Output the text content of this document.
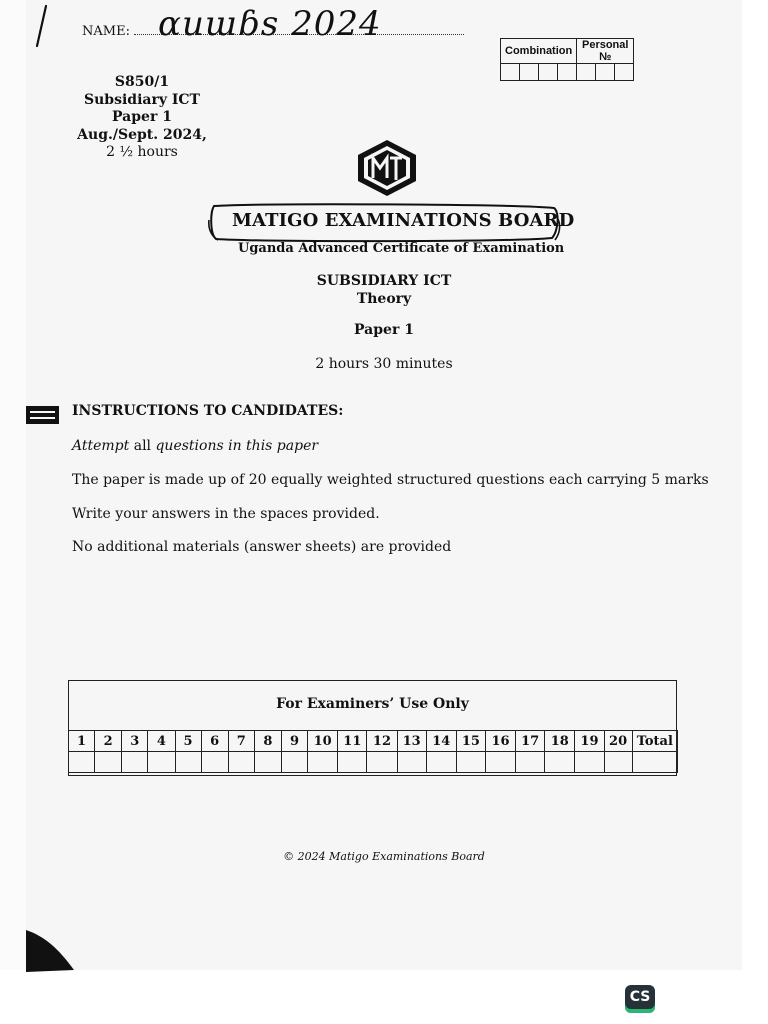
NAME: ɑuɯɓs 2024
Combination				Personal №		

S850/1
Subsidiary ICT
Paper 1
Aug./Sept. 2024,
2 ½ hours
MATIGO EXAMINATIONS BOARD
Uganda Advanced Certificate of Examination
SUBSIDIARY ICT
Theory
Paper 1
2 hours 30 minutes
INSTRUCTIONS TO CANDIDATES:
Attempt all questions in this paper
The paper is made up of 20 equally weighted structured questions each carrying 5 marks
Write your answers in the spaces provided.
No additional materials (answer sheets) are provided
For Examiners’ Use Only
1	2	3	4	5	6	7	8	9	10	11	12	13	14	15	16	17	18	19	20	Total

© 2024 Matigo Examinations Board
CS
